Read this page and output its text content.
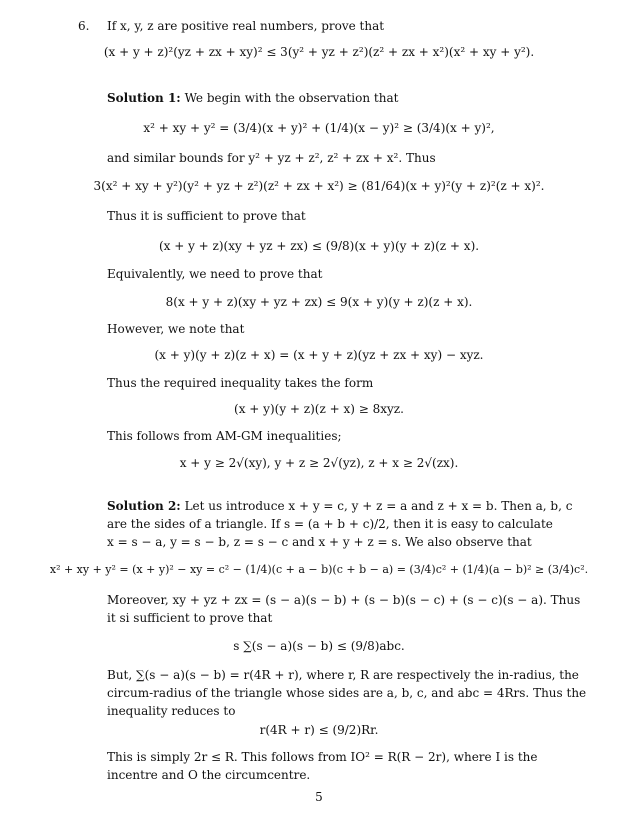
6. If x, y, z are positive real numbers, prove that
(x + y + z)²(yz + zx + xy)² ≤ 3(y² + yz + z²)(z² + zx + x²)(x² + xy + y²).
Solution 1: We begin with the observation that
x² + xy + y² = (3/4)(x + y)² + (1/4)(x − y)² ≥ (3/4)(x + y)²,
and similar bounds for y² + yz + z², z² + zx + x². Thus
3(x² + xy + y²)(y² + yz + z²)(z² + zx + x²) ≥ (81/64)(x + y)²(y + z)²(z + x)².
Thus it is sufficient to prove that
(x + y + z)(xy + yz + zx) ≤ (9/8)(x + y)(y + z)(z + x).
Equivalently, we need to prove that
8(x + y + z)(xy + yz + zx) ≤ 9(x + y)(y + z)(z + x).
However, we note that
(x + y)(y + z)(z + x) = (x + y + z)(yz + zx + xy) − xyz.
Thus the required inequality takes the form
(x + y)(y + z)(z + x) ≥ 8xyz.
This follows from AM-GM inequalities;
x + y ≥ 2√(xy), y + z ≥ 2√(yz), z + x ≥ 2√(zx).
Solution 2: Let us introduce x + y = c, y + z = a and z + x = b. Then a, b, c
are the sides of a triangle. If s = (a + b + c)/2, then it is easy to calculate
x = s − a, y = s − b, z = s − c and x + y + z = s. We also observe that
x² + xy + y² = (x + y)² − xy = c² − (1/4)(c + a − b)(c + b − a) = (3/4)c² + (1/4)(a − b)² ≥ (3/4)c².
Moreover, xy + yz + zx = (s − a)(s − b) + (s − b)(s − c) + (s − c)(s − a). Thus
it si sufficient to prove that
s ∑(s − a)(s − b) ≤ (9/8)abc.
But, ∑(s − a)(s − b) = r(4R + r), where r, R are respectively the in-radius, the
circum-radius of the triangle whose sides are a, b, c, and abc = 4Rrs. Thus the
inequality reduces to
r(4R + r) ≤ (9/2)Rr.
This is simply 2r ≤ R. This follows from IO² = R(R − 2r), where I is the
incentre and O the circumcentre.
5
